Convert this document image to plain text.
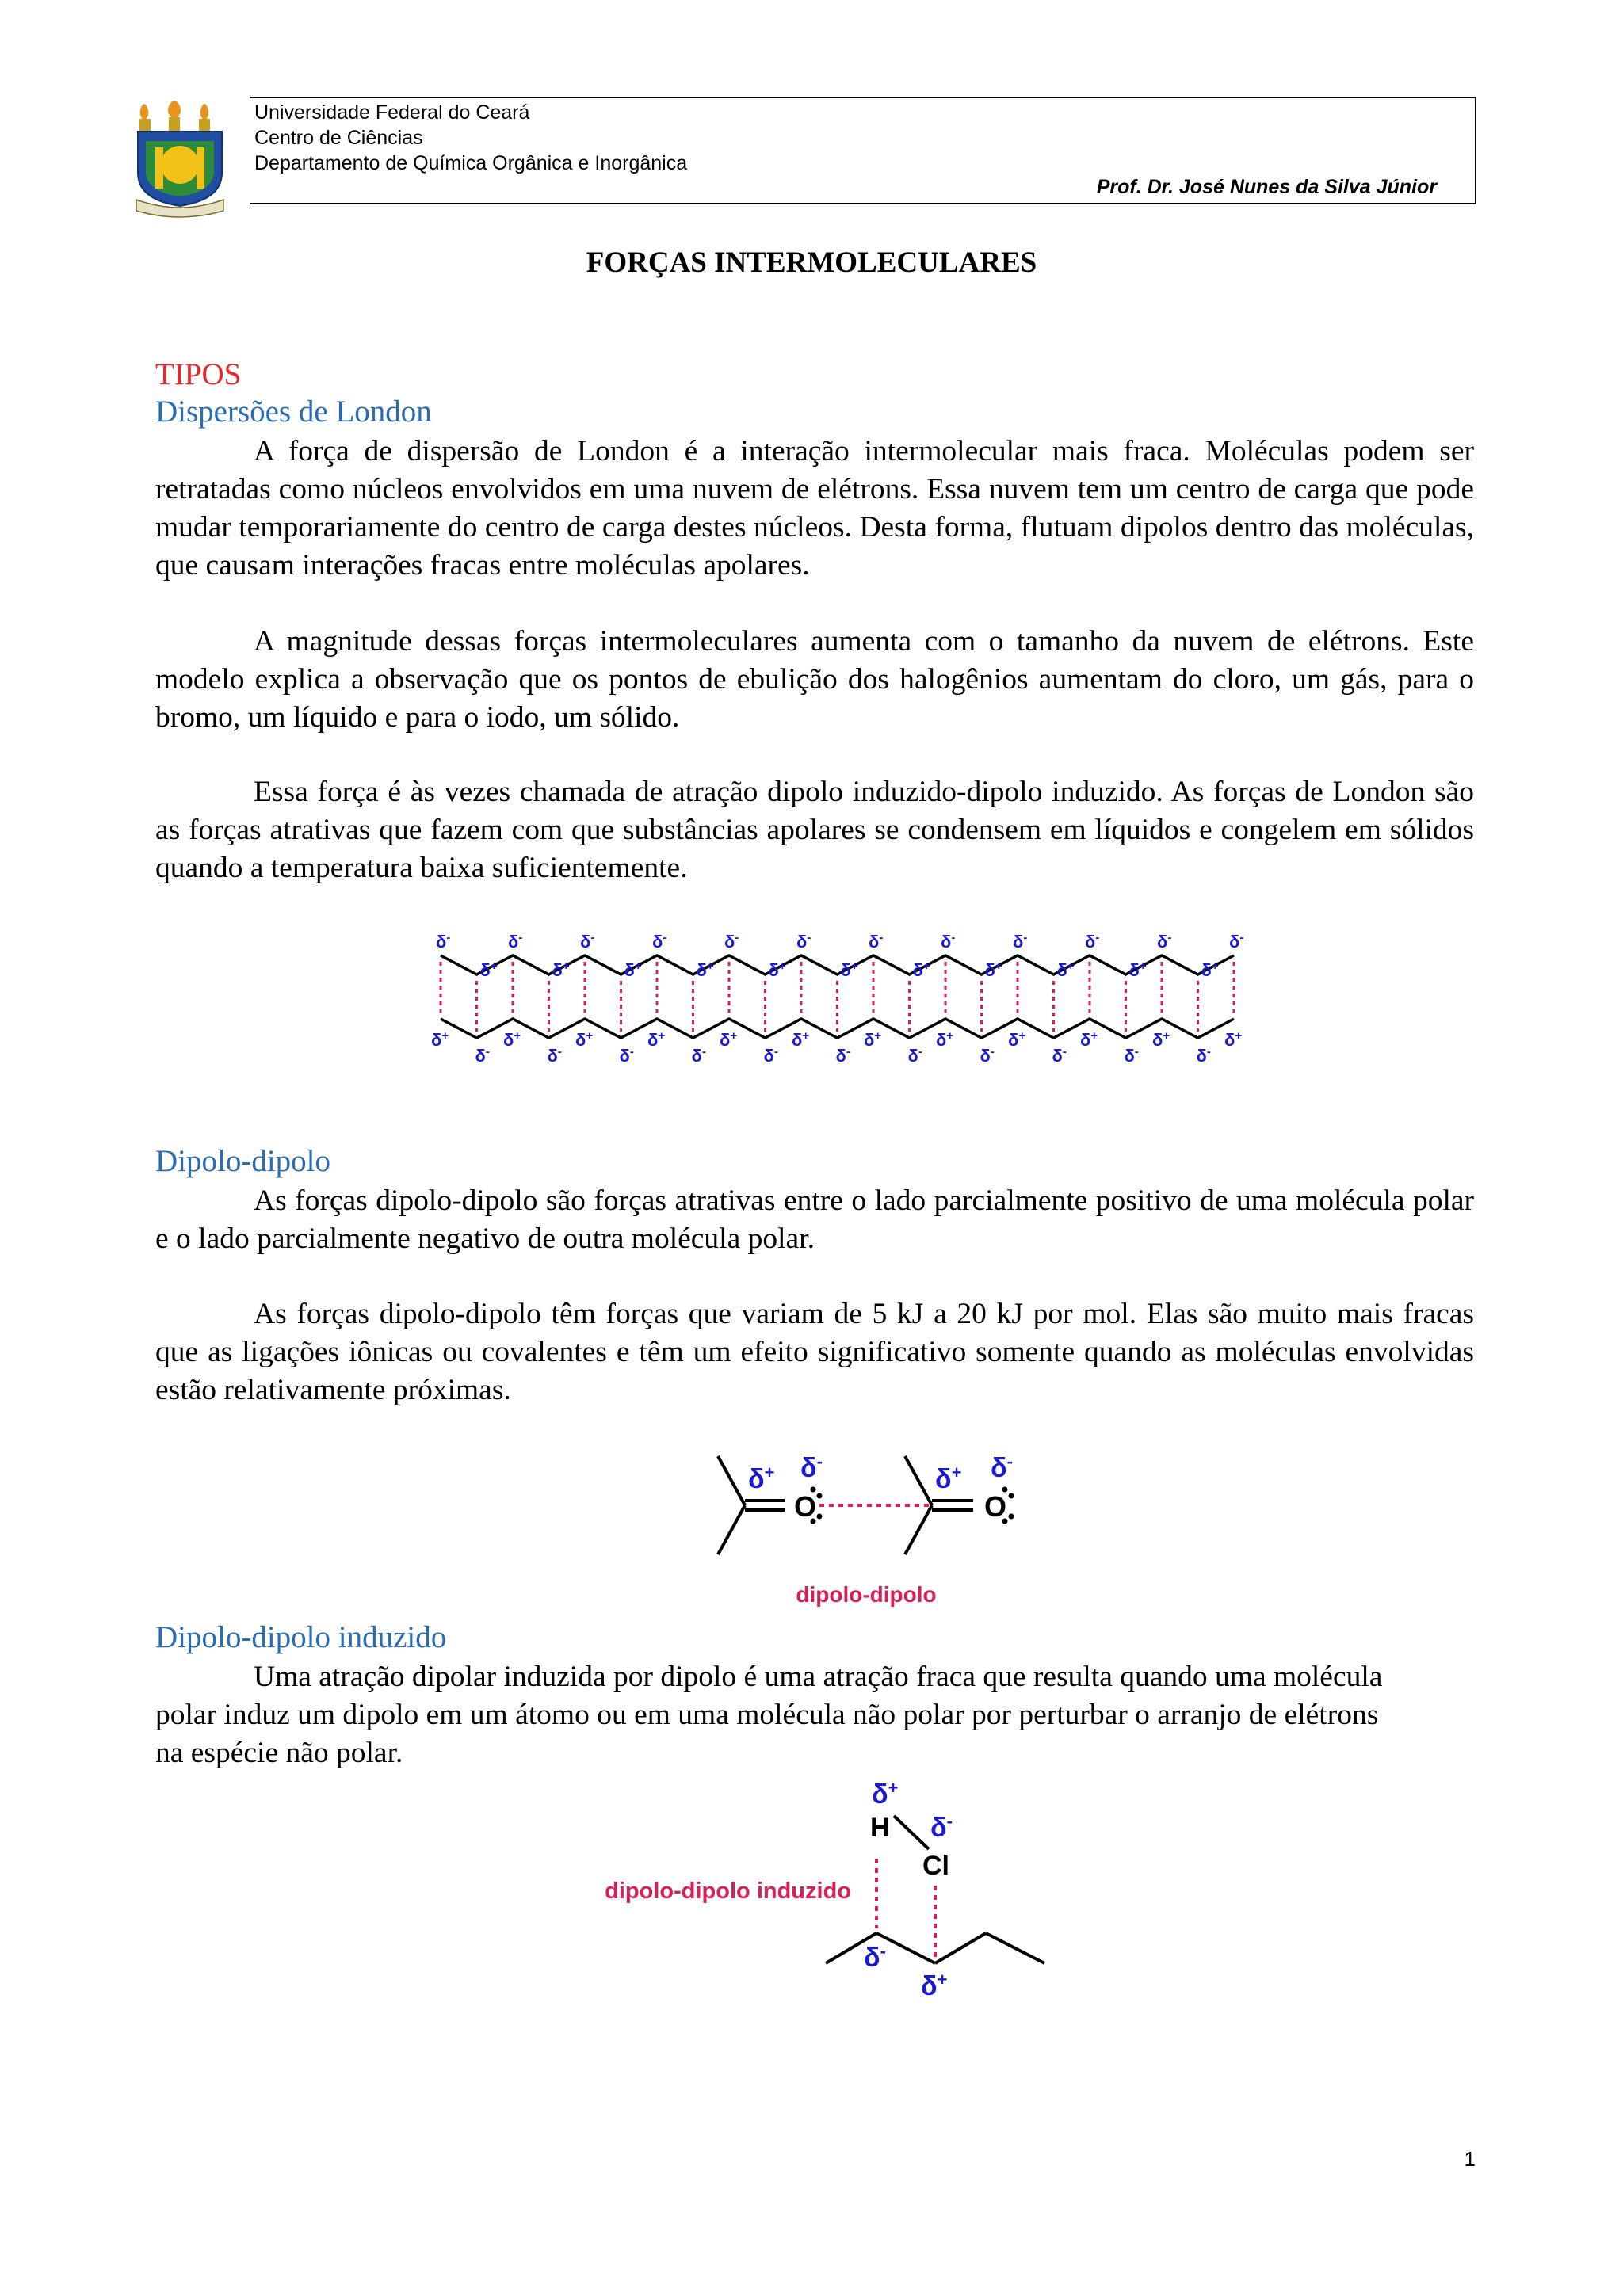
Universidade Federal do Ceará
Centro de Ciências
Departamento de Química Orgânica e Inorgânica
Prof. Dr. José Nunes da Silva Júnior
FORÇAS INTERMOLECULARES
TIPOS
Dispersões de London

A força de dispersão de London é a interação intermolecular mais fraca. Moléculas podem ser retratadas como núcleos envolvidos em uma nuvem de elétrons. Essa nuvem tem um centro de carga que pode mudar temporariamente do centro de carga destes núcleos. Desta forma, flutuam dipolos dentro das moléculas, que causam interações fracas entre moléculas apolares.

A magnitude dessas forças intermoleculares aumenta com o tamanho da nuvem de elétrons. Este modelo explica a observação que os pontos de ebulição dos halogênios aumentam do cloro, um gás, para o bromo, um líquido e para o iodo, um sólido.

Essa força é às vezes chamada de atração dipolo induzido-dipolo induzido. As forças de London são as forças atrativas que fazem com que substâncias apolares se condensem em líquidos e congelem em sólidos quando a temperatura baixa suficientemente.

δ-
δ+
δ+
δ-
δ-
δ+
δ+
δ-
δ-
δ+
δ+
δ-
δ-
δ+
δ+
δ-
δ-
δ+
δ+
δ-
δ-
δ+
δ+
δ-
δ-
δ+
δ+
δ-
δ-
δ+
δ+
δ-
δ-
δ+
δ+
δ-
δ-
δ+
δ+
δ-
δ-
δ+
δ+
δ-
δ-
δ+
Dipolo-dipolo

As forças dipolo-dipolo são forças atrativas entre o lado parcialmente positivo de uma molécula polar e o lado parcialmente negativo de outra molécula polar.

As forças dipolo-dipolo têm forças que variam de 5 kJ a 20 kJ por mol. Elas são muito mais fracas que as ligações iônicas ou covalentes e têm um efeito significativo somente quando as moléculas envolvidas estão relativamente próximas.

O	O
δ+ δ-
δ+ δ-
dipolo-dipolo
Dipolo-dipolo induzido

Uma atração dipolar induzida por dipolo é uma atração fraca que resulta quando uma molécula polar induz um dipolo em um átomo ou em uma molécula não polar por perturbar o arranjo de elétrons na espécie não polar.

H
Cl
δ+
δ-
δ-
δ+
dipolo-dipolo induzido
1
